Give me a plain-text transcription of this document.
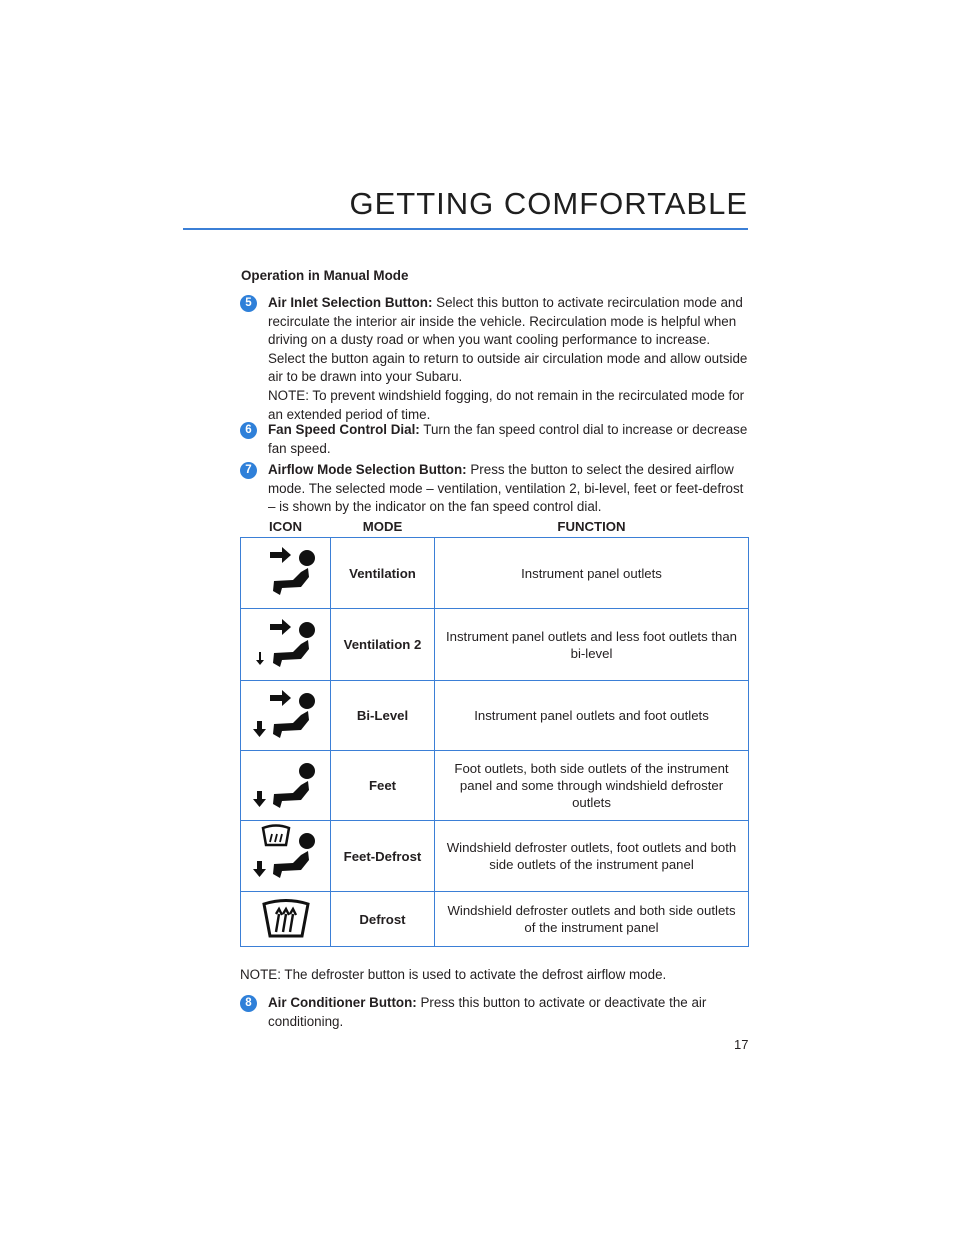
GETTING COMFORTABLE
Operation in Manual Mode
5	Air Inlet Selection Button: Select this button to activate recirculation mode and recirculate the interior air inside the vehicle. Recirculation mode is helpful when driving on a dusty road or when you want cooling performance to increase. Select the button again to return to outside air circulation mode and allow outside air to be drawn into your Subaru.
NOTE: To prevent windshield fogging, do not remain in the recirculated mode for an extended period of time.
6	Fan Speed Control Dial: Turn the fan speed control dial to increase or decrease fan speed.
7	Airflow Mode Selection Button: Press the button to select the desired airflow mode. The selected mode – ventilation, ventilation 2, bi-level, feet or feet-defrost – is shown by the indicator on the fan speed control dial.
ICON	MODE	FUNCTION

	Ventilation	Instrument panel outlets

	Ventilation 2	Instrument panel outlets and less foot outlets than bi-level

	Bi-Level	Instrument panel outlets and foot outlets

	Feet	Foot outlets, both side outlets of the instrument panel and some through windshield defroster outlets

	Feet-Defrost	Windshield defroster outlets, foot outlets and both side outlets of the instrument panel

	Defrost	Windshield defroster outlets and both side outlets of the instrument panel

NOTE: The defroster button is used to activate the defrost airflow mode.

8	Air Conditioner Button: Press this button to activate or deactivate the air conditioning.

17
